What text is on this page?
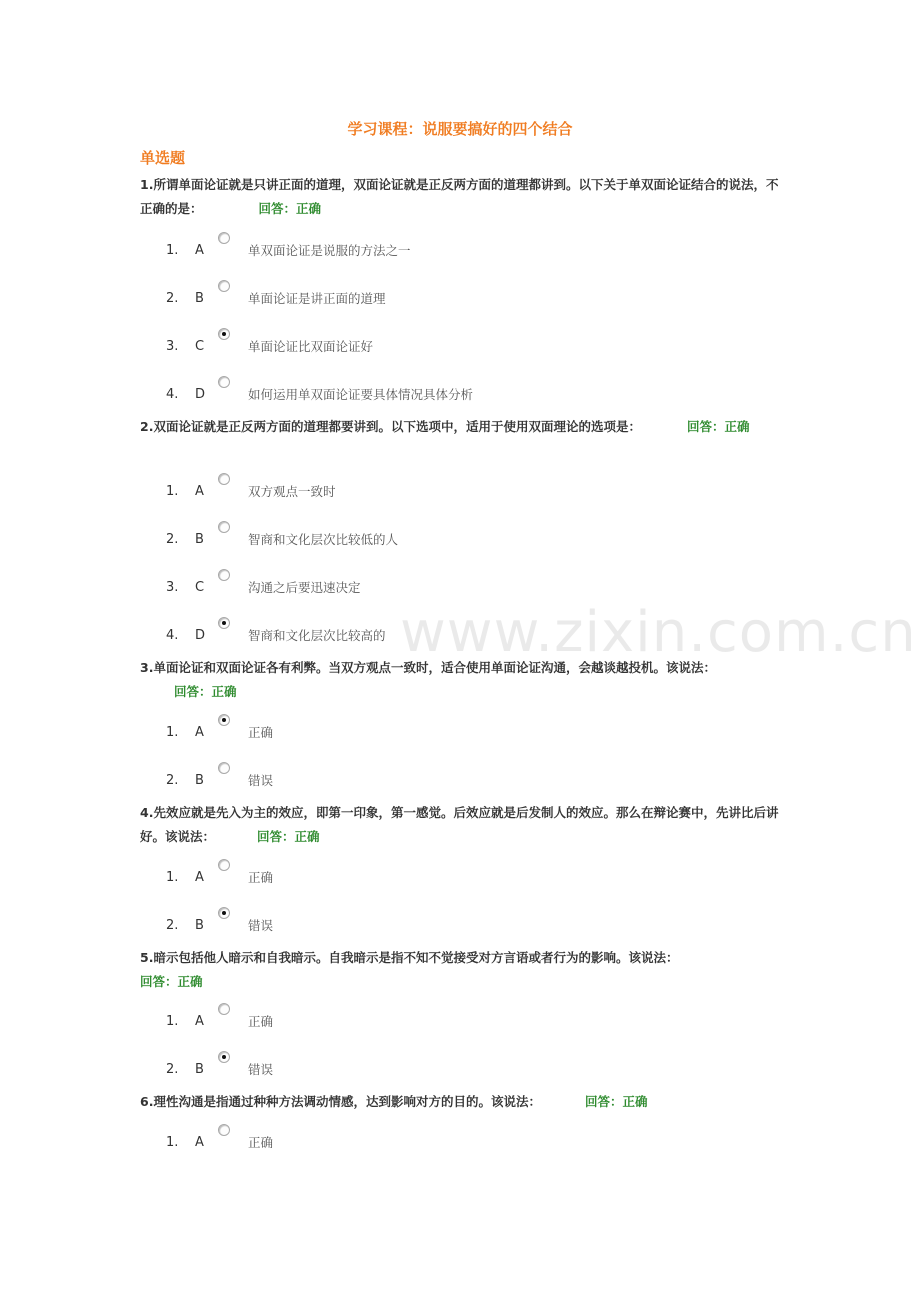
学习课程：说服要搞好的四个结合
单选题
www.zixin.com.cn
1.所谓单面论证就是只讲正面的道理，双面论证就是正反两方面的道理都讲到。以下关于单双面论证结合的说法，不正确的是：	回答：正确
1.	A	单双面论证是说服的方法之一
2.	B	单面论证是讲正面的道理
3.	C	单面论证比双面论证好
4.	D	如何运用单双面论证要具体情况具体分析
2.双面论证就是正反两方面的道理都要讲到。以下选项中，适用于使用双面理论的选项是：	回答：正确
1.	A	双方观点一致时
2.	B	智商和文化层次比较低的人
3.	C	沟通之后要迅速决定
4.	D	智商和文化层次比较高的
3.单面论证和双面论证各有利弊。当双方观点一致时，适合使用单面论证沟通，会越谈越投机。该说法：
回答：正确
1.	A	正确
2.	B	错误
4.先效应就是先入为主的效应，即第一印象，第一感觉。后效应就是后发制人的效应。那么在辩论赛中，先讲比后讲好。该说法：	回答：正确
1.	A	正确
2.	B	错误
5.暗示包括他人暗示和自我暗示。自我暗示是指不知不觉接受对方言语或者行为的影响。该说法：
回答：正确
1.	A	正确
2.	B	错误
6.理性沟通是指通过种种方法调动情感，达到影响对方的目的。该说法：	回答：正确
1.	A	正确
